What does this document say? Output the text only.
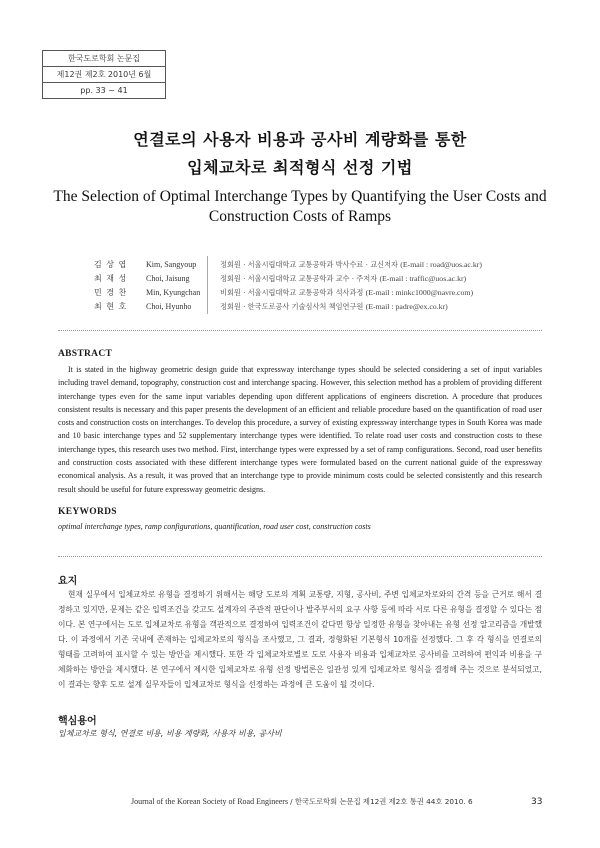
한국도로학회 논문집
제12권 제2호 2010년 6월
pp. 33 ~ 41
연결로의 사용자 비용과 공사비 계량화를 통한
입체교차로 최적형식 선정 기법
The Selection of Optimal Interchange Types by Quantifying the User Costs and
Construction Costs of Ramps
김 상 엽	Kim, Sangyoup	정회원 · 서울시립대학교 교통공학과 박사수료 · 교신저자 (E-mail : road@uos.ac.kr)
최 재 성	Choi, Jaisung	정회원 · 서울시립대학교 교통공학과 교수 · 주저자 (E-mail : traffic@uos.ac.kr)
민 경 찬	Min, Kyungchan	비회원 · 서울시립대학교 교통공학과 석사과정 (E-mail : minkc1000@navre.com)
최 현 호	Choi, Hyunho	정회원 · 한국도로공사 기술심사처 책임연구원 (E-mail : padre@ex.co.kr)
ABSTRACT

It is stated in the highway geometric design guide that expressway interchange types should be selected considering a set of input variables including travel demand, topography, construction cost and interchange spacing. However, this selection method has a problem of providing different interchange types even for the same input variables depending upon different applications of engineers discretion. A procedure that produces consistent results is necessary and this paper presents the development of an efficient and reliable procedure based on the quantification of road user costs and construction costs on interchanges. To develop this procedure, a survey of existing expressway interchange types in South Korea was made and 10 basic interchange types and 52 supplementary interchange types were identified. To relate road user costs and construction costs to these interchange types, this research uses two method. First, interchange types were expressed by a set of ramp configurations. Second, road user benefits and construction costs associated with these different interchange types were formulated based on the current national guide of the expressway economical analysis. As a result, it was proved that an interchange type to provide minimum costs could be selected consistently and this research result should be useful for future expressway geometric designs.

KEYWORDS
optimal interchange types, ramp configurations, quantification, road user cost, construction costs
요지

현재 실무에서 입체교차로 유형을 결정하기 위해서는 해당 도로의 계획 교통량, 지형, 공사비, 주변 입체교차로와의 간격 등을 근거로 해서 결정하고 있지만, 문제는 같은 입력조건을 갖고도 설계자의 주관적 판단이나 발주부서의 요구 사항 등에 따라 서로 다른 유형을 결정할 수 있다는 점이다. 본 연구에서는 도로 입체교차로 유형을 객관적으로 결정하여 입력조건이 같다면 항상 일정한 유형을 찾아내는 유형 선정 알고리즘을 개발했다. 이 과정에서 기존 국내에 존재하는 입체교차로의 형식을 조사했고, 그 결과, 정형화된 기본형식 10개를 선정했다. 그 후 각 형식을 연결로의 형태를 고려하여 표시할 수 있는 방안을 제시했다. 또한 각 입체교차로별로 도로 사용자 비용과 입체교차로 공사비를 고려하여 편익과 비용을 구체화하는 방안을 제시했다. 본 연구에서 제시한 입체교차로 유형 선정 방법론은 일관성 있게 입체교차로 형식을 결정해 주는 것으로 분석되었고, 이 결과는 향후 도로 설계 실무자들이 입체교차로 형식을 선정하는 과정에 큰 도움이 될 것이다.

핵심용어
입체교차로 형식, 연결로 비용, 비용 계량화, 사용자 비용, 공사비
Journal of the Korean Society of Road Engineers / 한국도로학회 논문집 제12권 제2호 통권 44호 2010. 6	33
